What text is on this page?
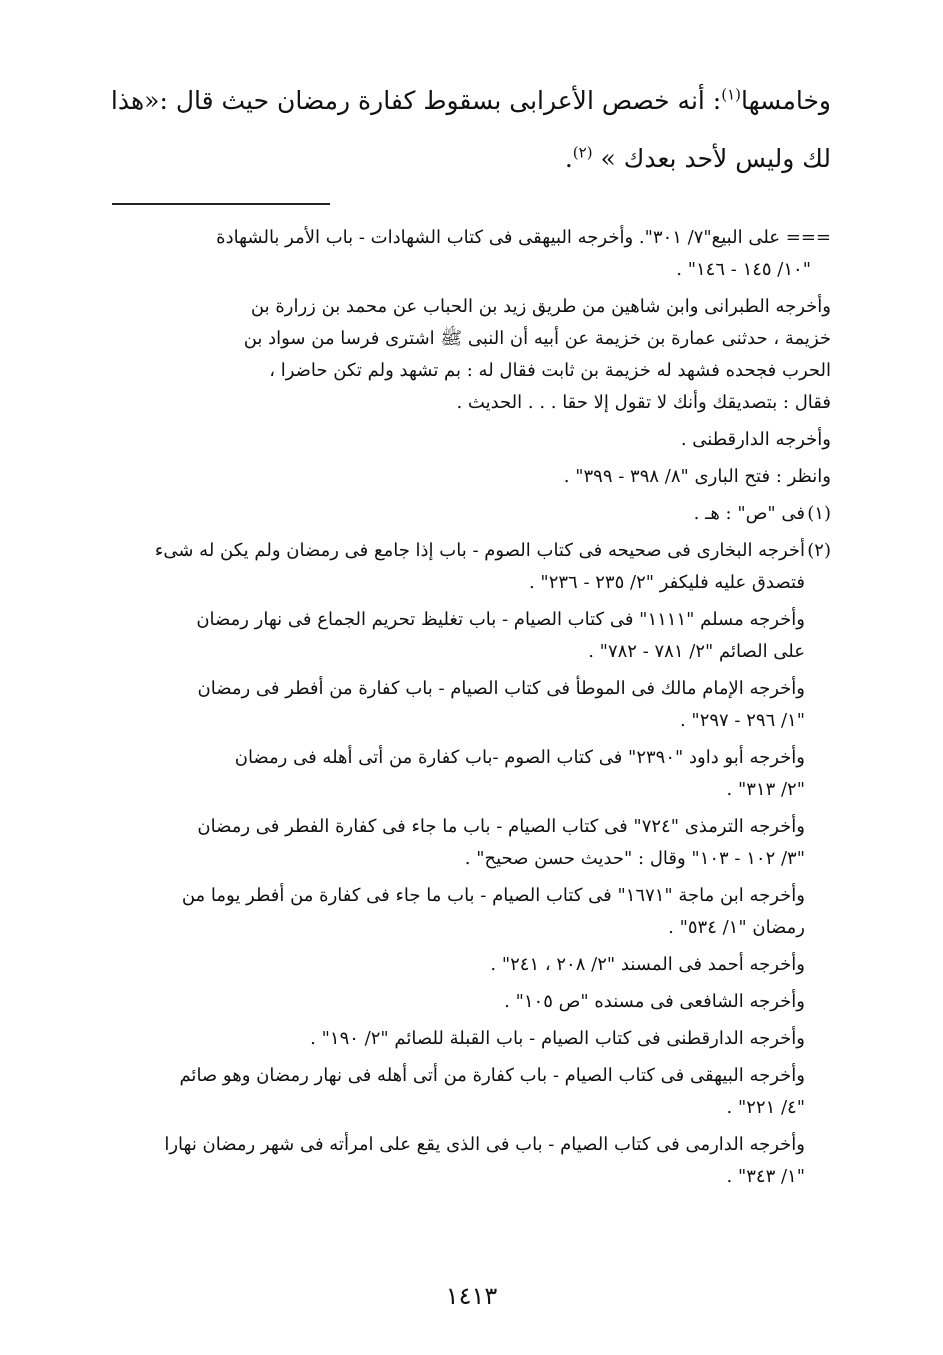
وخامسها$^{(١)}$: أنه خصص الأعرابى بسقوط كفارة رمضان حيث قال :«هذا

لك وليس لأحد بعدك » $^{(٢)}$.

=== على البيع"٧/ ٣٠١". وأخرجه البيهقى فى كتاب الشهادات - باب الأمر بالشهادة
"١٠/ ١٤٥ - ١٤٦" .
وأخرجه الطبرانى وابن شاهين من طريق زيد بن الحباب عن محمد بن زرارة بن
خزيمة ، حدثنى عمارة بن خزيمة عن أبيه أن النبى ﷺ اشترى فرسا من سواد بن
الحرب فجحده فشهد له خزيمة بن ثابت فقال له : بم تشهد ولم تكن حاضرا ،
فقال : بتصديقك وأنك لا تقول إلا حقا . . . الحديث .
وأخرجه الدارقطنى .
وانظر : فتح البارى "٨/ ٣٩٨ - ٣٩٩" .
(١)
فى "ص" : هـ .
(٢)
أخرجه البخارى فى صحيحه فى كتاب الصوم - باب إذا جامع فى رمضان ولم يكن له شىء
فتصدق عليه فليكفر "٢/ ٢٣٥ - ٢٣٦" .
وأخرجه مسلم "١١١١" فى كتاب الصيام - باب تغليظ تحريم الجماع فى نهار رمضان
على الصائم "٢/ ٧٨١ - ٧٨٢" .
وأخرجه الإمام مالك فى الموطأ فى كتاب الصيام - باب كفارة من أفطر فى رمضان
"١/ ٢٩٦ - ٢٩٧" .
وأخرجه أبو داود "٢٣٩٠" فى كتاب الصوم -باب كفارة من أتى أهله فى رمضان
"٢/ ٣١٣" .
وأخرجه الترمذى "٧٢٤" فى كتاب الصيام - باب ما جاء فى كفارة الفطر فى رمضان
"٣/ ١٠٢ - ١٠٣" وقال : "حديث حسن صحيح" .
وأخرجه ابن ماجة "١٦٧١" فى كتاب الصيام - باب ما جاء فى كفارة من أفطر يوما من
رمضان "١/ ٥٣٤" .
وأخرجه أحمد فى المسند "٢/ ٢٠٨ ، ٢٤١" .
وأخرجه الشافعى فى مسنده "ص ١٠٥" .
وأخرجه الدارقطنى فى كتاب الصيام - باب القبلة للصائم "٢/ ١٩٠" .
وأخرجه البيهقى فى كتاب الصيام - باب كفارة من أتى أهله فى نهار رمضان وهو صائم
"٤/ ٢٢١" .
وأخرجه الدارمى فى كتاب الصيام - باب فى الذى يقع على امرأته فى شهر رمضان نهارا
"١/ ٣٤٣" .
١٤١٣
